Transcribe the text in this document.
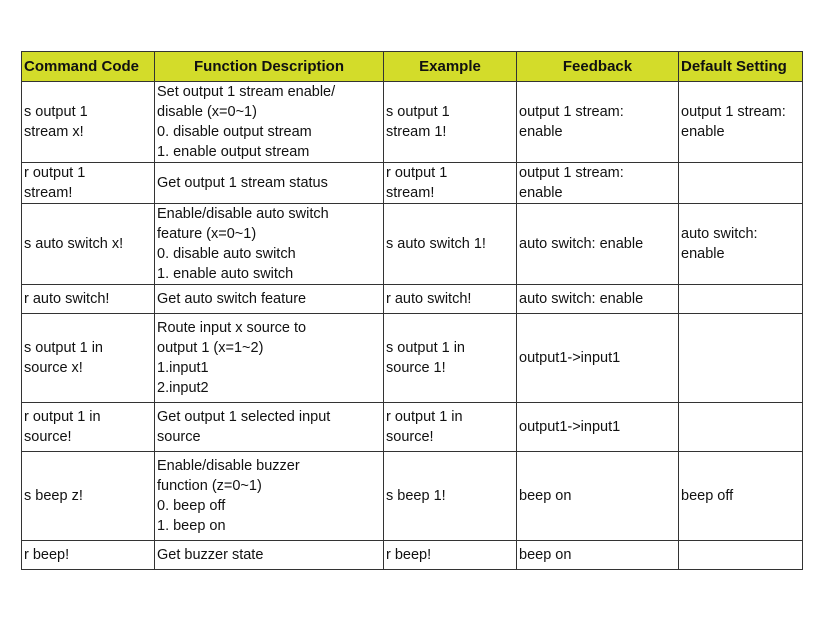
Command Code	Function Description	Example	Feedback	Default Setting

s output 1
stream x!	Set output 1 stream enable/
disable (x=0~1)
0. disable output stream
1. enable output stream	s output 1
stream 1!	output 1 stream:
enable	output 1 stream:
enable

r output 1
stream!	Get output 1 stream status	r output 1
stream!	output 1 stream:
enable	

s auto switch x!	Enable/disable auto switch
feature (x=0~1)
0. disable auto switch
1. enable auto switch	s auto switch 1!	auto switch: enable	auto switch:
enable

r auto switch!	Get auto switch feature	r auto switch!	auto switch: enable	

s output 1 in
source x!	Route input x source to
output 1 (x=1~2)
1.input1
2.input2	s output 1 in
source 1!	output1->input1	

r output 1 in
source!	Get output 1 selected input
source	r output 1 in
source!	output1->input1	

s beep z!	Enable/disable buzzer
function (z=0~1)
0. beep off
1. beep on	s beep 1!	beep on	beep off

r beep!	Get buzzer state	r beep!	beep on	
